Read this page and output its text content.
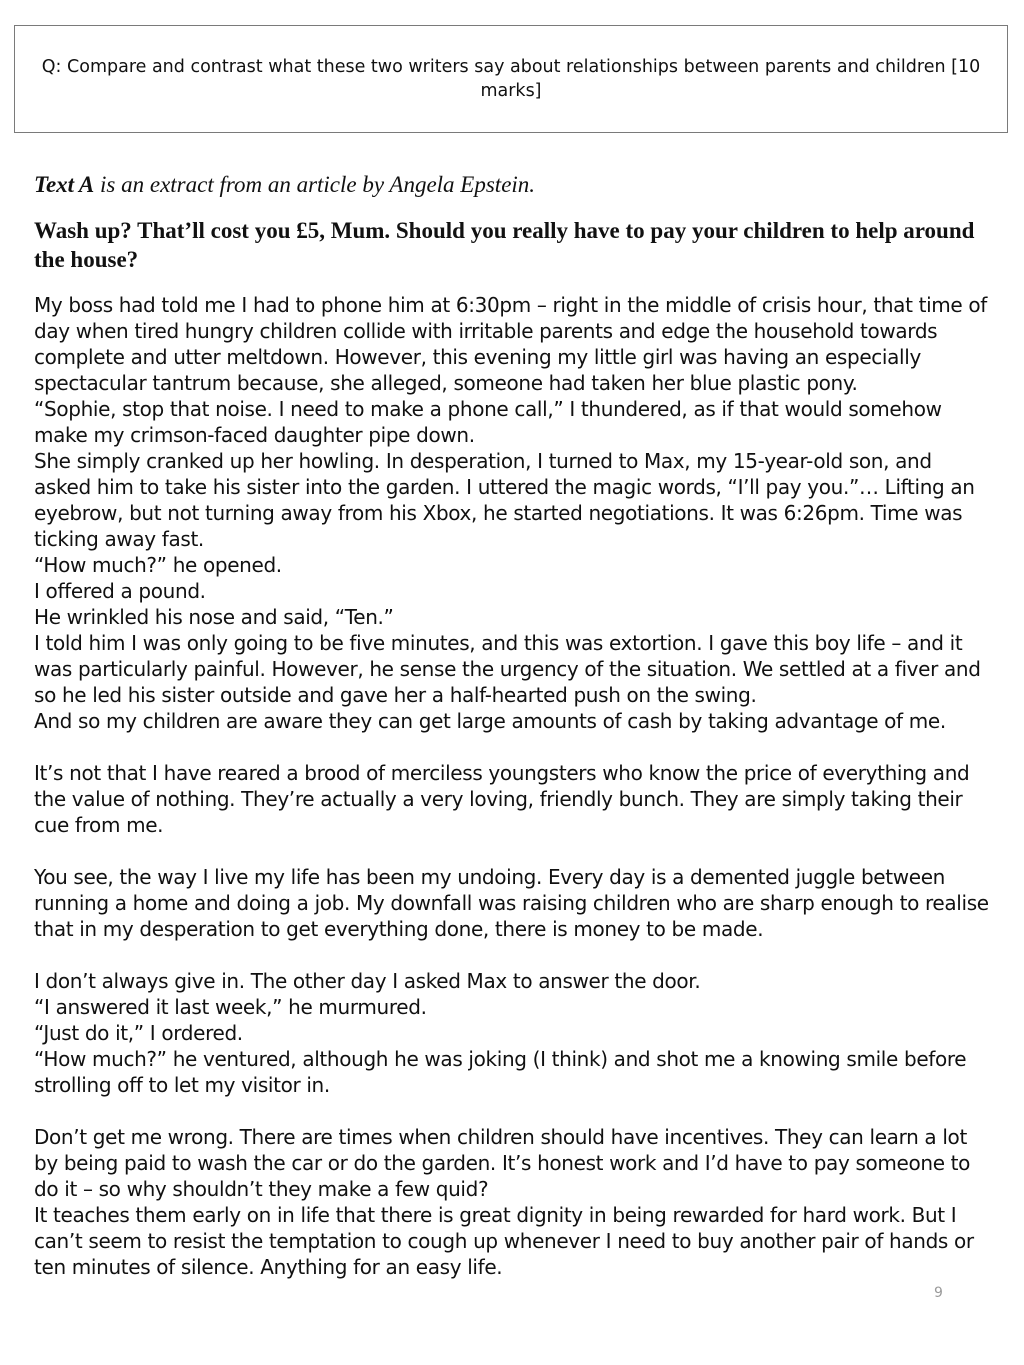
Q: Compare and contrast what these two writers say about relationships between parents and children [10 marks]

Text A is an extract from an article by Angela Epstein.

Wash up? That’ll cost you £5, Mum. Should you really have to pay your children to help around the house?

My boss had told me I had to phone him at 6:30pm – right in the middle of crisis hour, that time of day when tired hungry children collide with irritable parents and edge the household towards complete and utter meltdown. However, this evening my little girl was having an especially spectacular tantrum because, she alleged, someone had taken her blue plastic pony.

“Sophie, stop that noise. I need to make a phone call,” I thundered, as if that would somehow make my crimson-faced daughter pipe down.

She simply cranked up her howling. In desperation, I turned to Max, my 15-year-old son, and asked him to take his sister into the garden. I uttered the magic words, “I’ll pay you.”… Lifting an eyebrow, but not turning away from his Xbox, he started negotiations. It was 6:26pm. Time was ticking away fast.

“How much?” he opened.

I offered a pound.

He wrinkled his nose and said, “Ten.”

I told him I was only going to be five minutes, and this was extortion. I gave this boy life – and it was particularly painful. However, he sense the urgency of the situation. We settled at a fiver and so he led his sister outside and gave her a half-hearted push on the swing.

And so my children are aware they can get large amounts of cash by taking advantage of me.

It’s not that I have reared a brood of merciless youngsters who know the price of everything and the value of nothing. They’re actually a very loving, friendly bunch. They are simply taking their cue from me.

You see, the way I live my life has been my undoing. Every day is a demented juggle between running a home and doing a job. My downfall was raising children who are sharp enough to realise that in my desperation to get everything done, there is money to be made.

I don’t always give in. The other day I asked Max to answer the door.

“I answered it last week,” he murmured.

“Just do it,” I ordered.

“How much?” he ventured, although he was joking (I think) and shot me a knowing smile before strolling off to let my visitor in.

Don’t get me wrong. There are times when children should have incentives. They can learn a lot by being paid to wash the car or do the garden. It’s honest work and I’d have to pay someone to do it – so why shouldn’t they make a few quid?

It teaches them early on in life that there is great dignity in being rewarded for hard work. But I can’t seem to resist the temptation to cough up whenever I need to buy another pair of hands or ten minutes of silence. Anything for an easy life.

9
